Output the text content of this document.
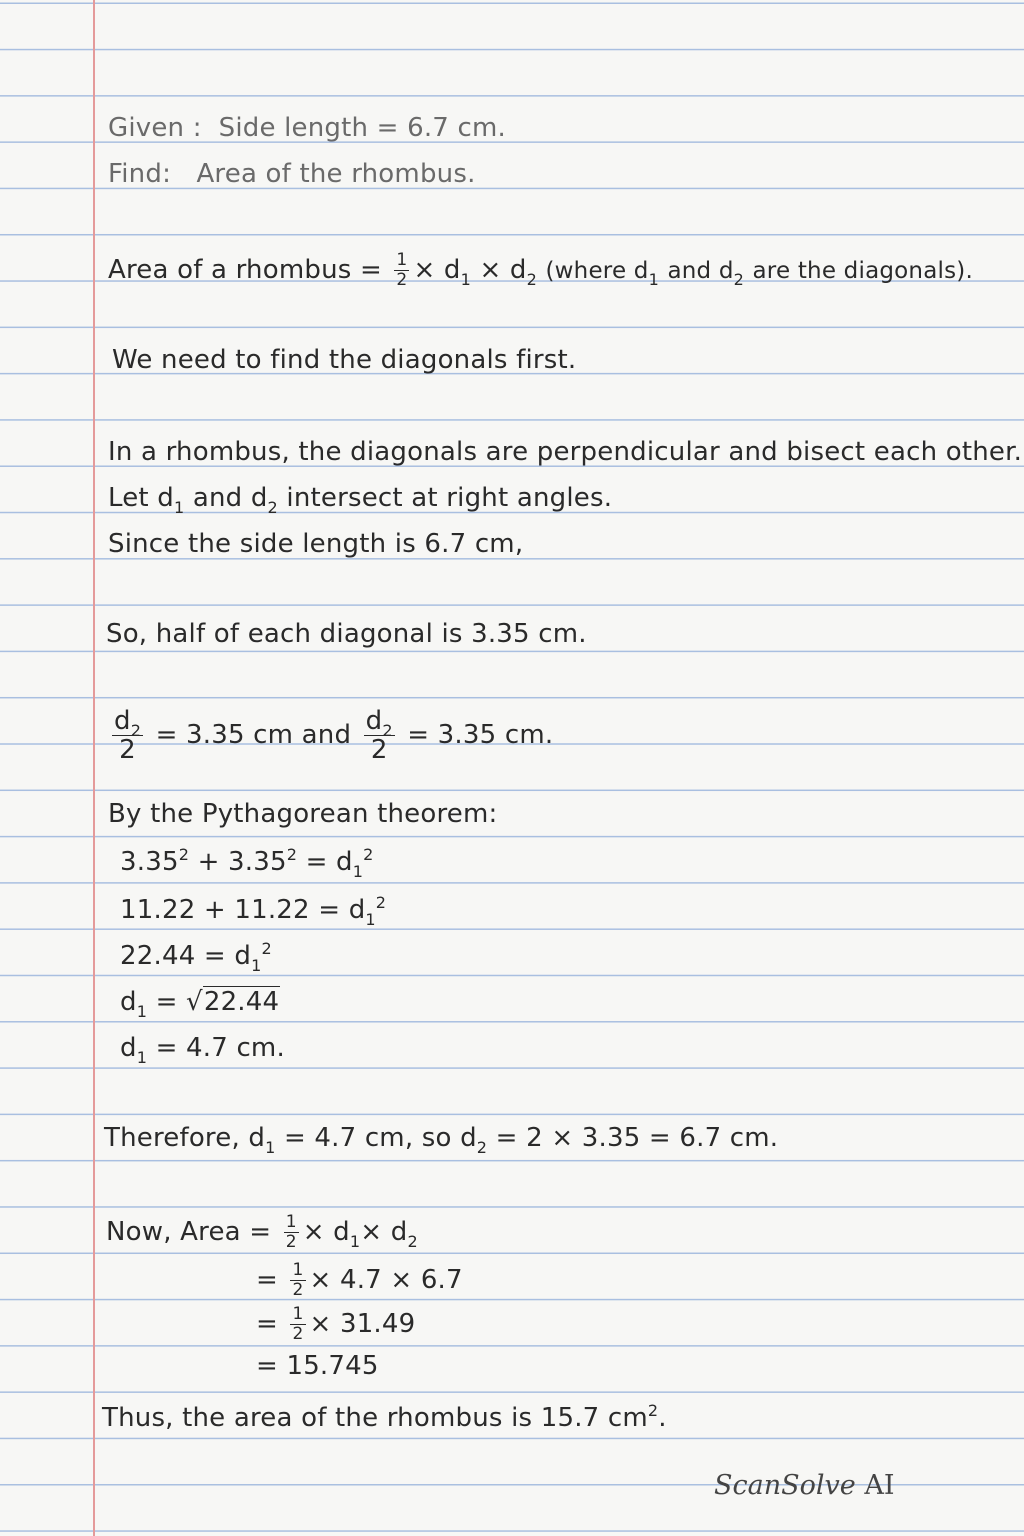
Given : Side length = 6.7 cm.
Find: Area of the rhombus.
Area of a rhombus = $\frac{1}{2} \times d_1 \times d_2$ (where $d_1$ and $d_2$ are the diagonals).
We need to find the diagonals first.
In a rhombus, the diagonals are perpendicular and bisect each other.
Let $d_1$ and $d_2$ intersect at right angles.
Since the side length is 6.7 cm,
So, half of each diagonal is 3.35 cm.
$\frac{d_2}{2} = 3.35$ cm and $\frac{d_2}{2} = 3.35$ cm.
By the Pythagorean theorem:
$3.35^2 + 3.35^2 = d_1^2$
$11.22 + 11.22 = d_1^2$
$22.44 = d_1^2$
$d_1 = √22.44$
$d_1 = 4.7$ cm.
Therefore, $d_1 = 4.7$ cm, so $d_2 = 2 \times 3.35 = 6.7$ cm.
Now, Area = $\frac{1}{2} \times d_1\times d_2$
= $\frac{1}{2} \times 4.7 \times 6.7$
= $\frac{1}{2} \times 31.49$
= 15.745
Thus, the area of the rhombus is 15.7 $cm^2$.
ScanSolve AI
